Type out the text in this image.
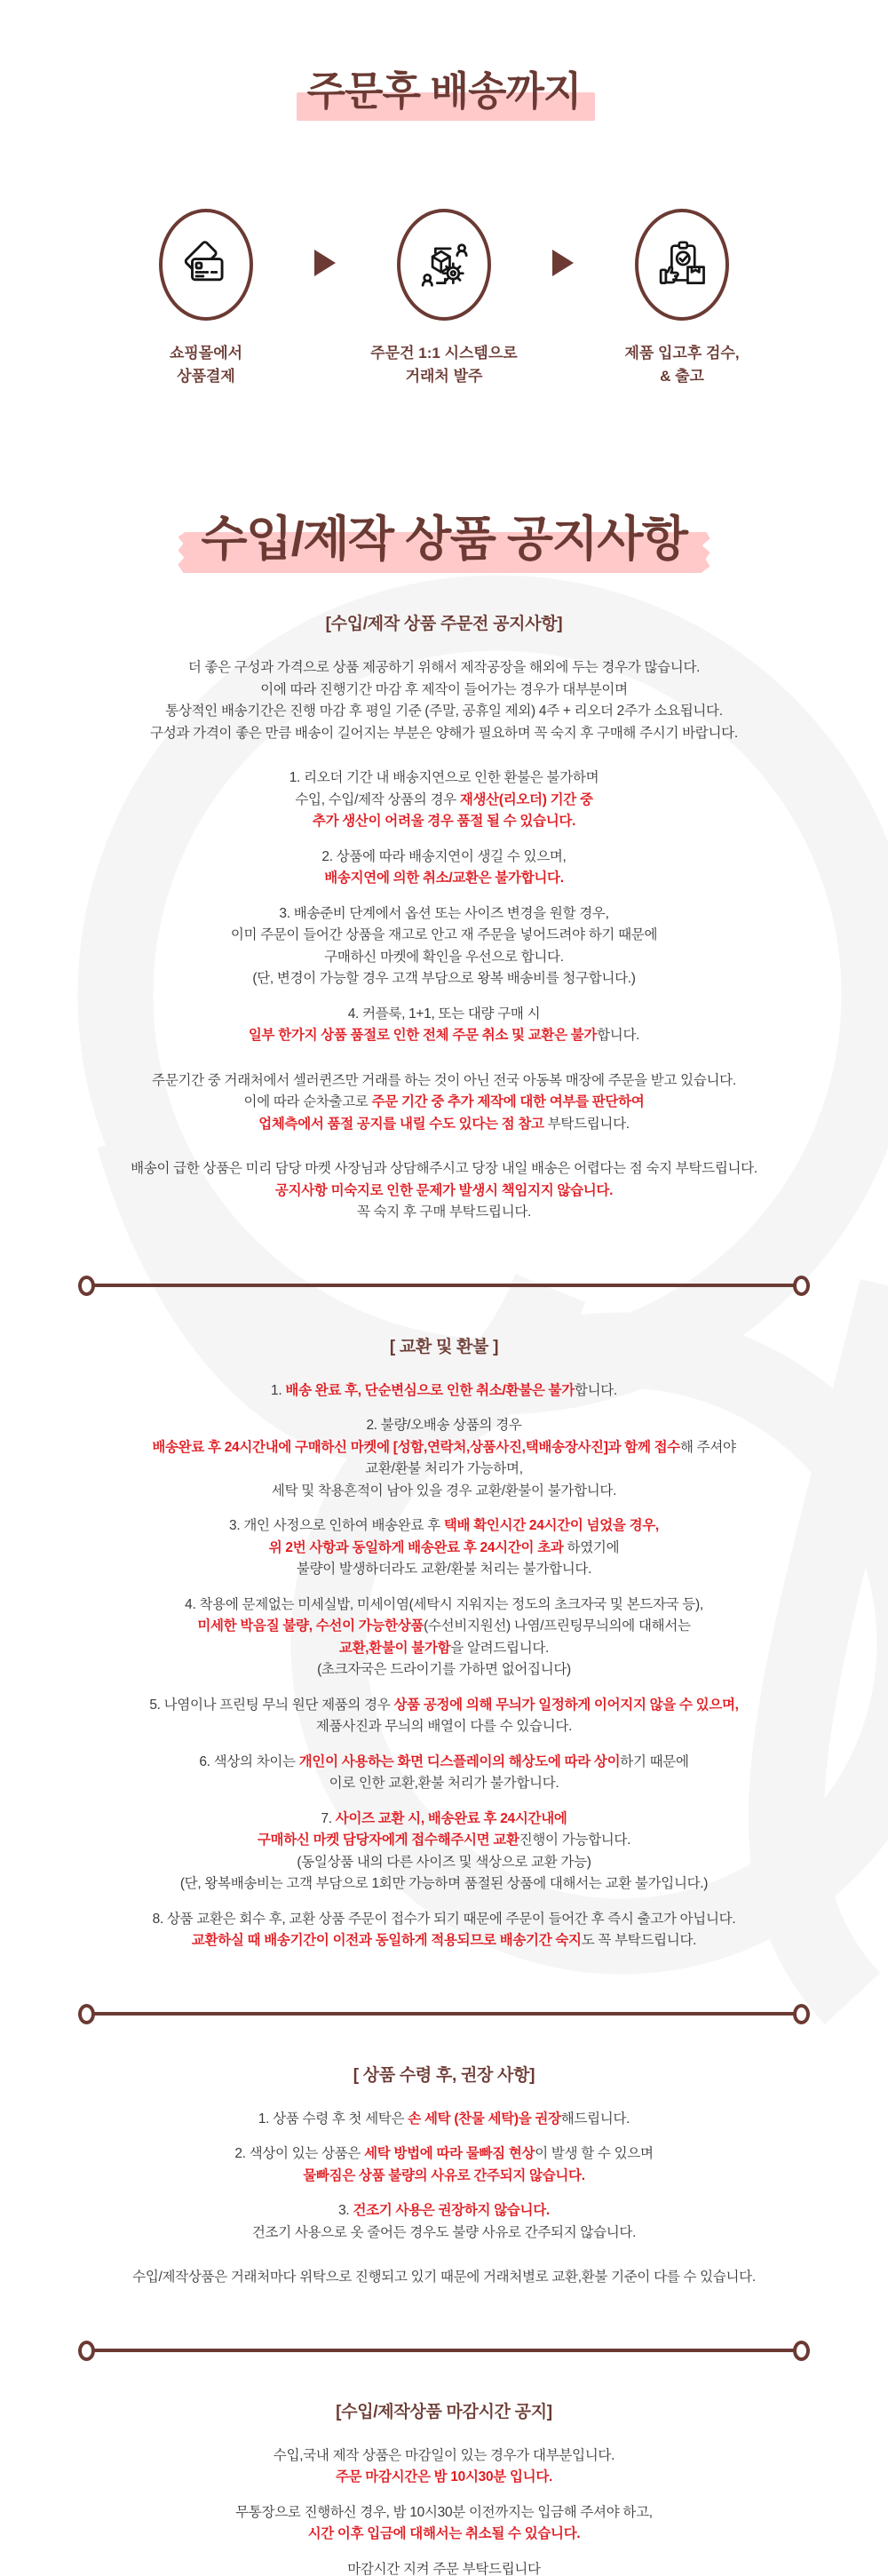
주문후 배송까지
쇼핑몰에서
상품결제
주문건 1:1 시스템으로
거래처 발주
제품 입고후 검수,
& 출고
수입/제작 상품 공지사항
[수입/제작 상품 주문전 공지사항]

더 좋은 구성과 가격으로 상품 제공하기 위해서 제작공장을 해외에 두는 경우가 많습니다.

이에 따라 진행기간 마감 후 제작이 들어가는 경우가 대부분이며

통상적인 배송기간은 진행 마감 후 평일 기준 (주말, 공휴일 제외) 4주 + 리오더 2주가 소요됩니다.

구성과 가격이 좋은 만큼 배송이 길어지는 부분은 양해가 필요하며 꼭 숙지 후 구매해 주시기 바랍니다.

1. 리오더 기간 내 배송지연으로 인한 환불은 불가하며

수입, 수입/제작 상품의 경우 재생산(리오더) 기간 중

추가 생산이 어려울 경우 품절 될 수 있습니다.

2. 상품에 따라 배송지연이 생길 수 있으며,

배송지연에 의한 취소/교환은 불가합니다.

3. 배송준비 단계에서 옵션 또는 사이즈 변경을 원할 경우,

이미 주문이 들어간 상품을 재고로 안고 재 주문을 넣어드려야 하기 때문에

구매하신 마켓에 확인을 우선으로 합니다.

(단, 변경이 가능할 경우 고객 부담으로 왕복 배송비를 청구합니다.)

4. 커플룩, 1+1, 또는 대량 구매 시

일부 한가지 상품 품절로 인한 전체 주문 취소 및 교환은 불가합니다.

주문기간 중 거래처에서 셀러퀸즈만 거래를 하는 것이 아닌 전국 아동복 매장에 주문을 받고 있습니다.

이에 따라 순차출고로 주문 기간 중 추가 제작에 대한 여부를 판단하여

업체측에서 품절 공지를 내릴 수도 있다는 점 참고 부탁드립니다.

배송이 급한 상품은 미리 담당 마켓 사장님과 상담해주시고 당장 내일 배송은 어렵다는 점 숙지 부탁드립니다.

공지사항 미숙지로 인한 문제가 발생시 책임지지 않습니다.

꼭 숙지 후 구매 부탁드립니다.

[ 교환 및 환불 ]

1. 배송 완료 후, 단순변심으로 인한 취소/환불은 불가합니다.

2. 불량/오배송 상품의 경우

배송완료 후 24시간내에 구매하신 마켓에 [성함,연락처,상품사진,택배송장사진]과 함께 접수해 주셔야

교환/환불 처리가 가능하며,

세탁 및 착용흔적이 남아 있을 경우 교환/환불이 불가합니다.

3. 개인 사정으로 인하여 배송완료 후 택배 확인시간 24시간이 넘었을 경우,

위 2번 사항과 동일하게 배송완료 후 24시간이 초과 하였기에

불량이 발생하더라도 교환/환불 처리는 불가합니다.

4. 착용에 문제없는 미세실밥, 미세이염(세탁시 지워지는 정도의 초크자국 및 본드자국 등),

미세한 박음질 불량, 수선이 가능한상품(수선비지원선) 나염/프린팅무늬의에 대해서는

교환,환불이 불가함을 알려드립니다.

(초크자국은 드라이기를 가하면 없어집니다)

5. 나염이나 프린팅 무늬 원단 제품의 경우 상품 공정에 의해 무늬가 일정하게 이어지지 않을 수 있으며,

제품사진과 무늬의 배열이 다를 수 있습니다.

6. 색상의 차이는 개인이 사용하는 화면 디스플레이의 해상도에 따라 상이하기 때문에

이로 인한 교환,환불 처리가 불가합니다.

7. 사이즈 교환 시, 배송완료 후 24시간내에

구매하신 마켓 담당자에게 접수해주시면 교환진행이 가능합니다.

(동일상품 내의 다른 사이즈 및 색상으로 교환 가능)

(단, 왕복배송비는 고객 부담으로 1회만 가능하며 품절된 상품에 대해서는 교환 불가입니다.)

8. 상품 교환은 회수 후, 교환 상품 주문이 접수가 되기 때문에 주문이 들어간 후 즉시 출고가 아닙니다.

교환하실 때 배송기간이 이전과 동일하게 적용되므로 배송기간 숙지도 꼭 부탁드립니다.

[ 상품 수령 후, 권장 사항]

1. 상품 수령 후 첫 세탁은 손 세탁 (찬물 세탁)을 권장해드립니다.

2. 색상이 있는 상품은 세탁 방법에 따라 물빠짐 현상이 발생 할 수 있으며

물빠짐은 상품 불량의 사유로 간주되지 않습니다.

3. 건조기 사용은 권장하지 않습니다.

건조기 사용으로 옷 줄어든 경우도 불량 사유로 간주되지 않습니다.

수입/제작상품은 거래처마다 위탁으로 진행되고 있기 때문에 거래처별로 교환,환불 기준이 다를 수 있습니다.

[수입/제작상품 마감시간 공지]

수입,국내 제작 상품은 마감일이 있는 경우가 대부분입니다.

주문 마감시간은 밤 10시30분 입니다.

무통장으로 진행하신 경우, 밤 10시30분 이전까지는 입금해 주셔야 하고,

시간 이후 입금에 대해서는 취소될 수 있습니다.

마감시간 지켜 주문 부탁드립니다
